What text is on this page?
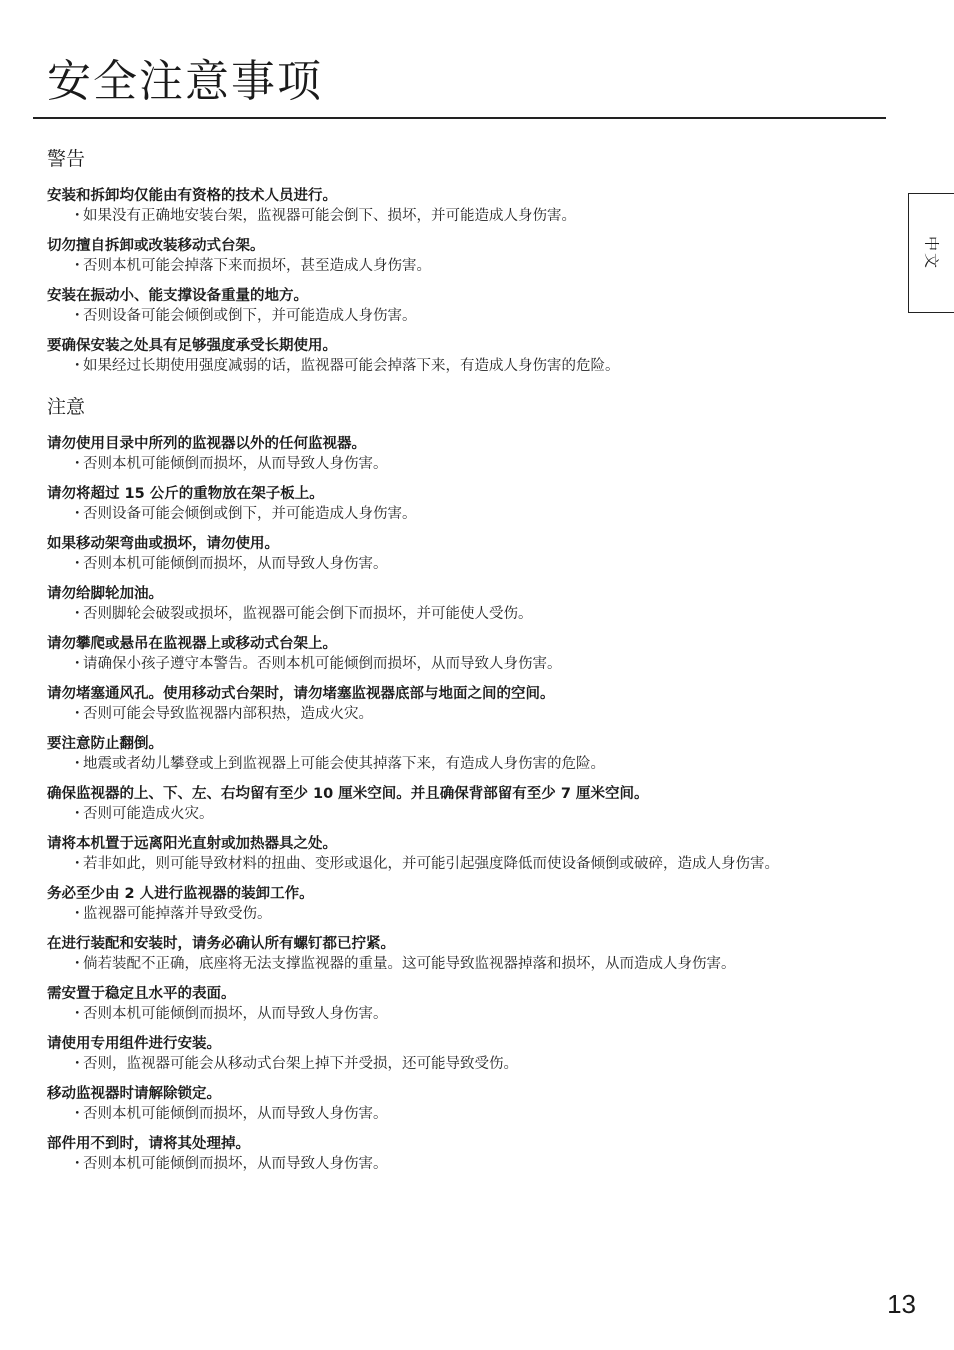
安全注意事项
中文
警告

安装和拆卸均仅能由有资格的技术人员进行。

・ 如果没有正确地安装台架，监视器可能会倒下、损坏，并可能造成人身伤害。

切勿擅自拆卸或改装移动式台架。

・ 否则本机可能会掉落下来而损坏，甚至造成人身伤害。

安装在振动小、能支撑设备重量的地方。

・ 否则设备可能会倾倒或倒下，并可能造成人身伤害。

要确保安装之处具有足够强度承受长期使用。

・ 如果经过长期使用强度减弱的话，监视器可能会掉落下来，有造成人身伤害的危险。

注意

请勿使用目录中所列的监视器以外的任何监视器。

・ 否则本机可能倾倒而损坏，从而导致人身伤害。

请勿将超过 15 公斤的重物放在架子板上。

・ 否则设备可能会倾倒或倒下，并可能造成人身伤害。

如果移动架弯曲或损坏，请勿使用。

・ 否则本机可能倾倒而损坏，从而导致人身伤害。

请勿给脚轮加油。

・ 否则脚轮会破裂或损坏，监视器可能会倒下而损坏，并可能使人受伤。

请勿攀爬或悬吊在监视器上或移动式台架上。

・ 请确保小孩子遵守本警告。否则本机可能倾倒而损坏，从而导致人身伤害。

请勿堵塞通风孔。使用移动式台架时，请勿堵塞监视器底部与地面之间的空间。

・ 否则可能会导致监视器内部积热，造成火灾。

要注意防止翻倒。

・ 地震或者幼儿攀登或上到监视器上可能会使其掉落下来，有造成人身伤害的危险。

确保监视器的上、下、左、右均留有至少 10 厘米空间。并且确保背部留有至少 7 厘米空间。

・ 否则可能造成火灾。

请将本机置于远离阳光直射或加热器具之处。

・ 若非如此，则可能导致材料的扭曲、变形或退化，并可能引起强度降低而使设备倾倒或破碎，造成人身伤害。

务必至少由 2 人进行监视器的装卸工作。

・ 监视器可能掉落并导致受伤。

在进行装配和安装时，请务必确认所有螺钉都已拧紧。

・ 倘若装配不正确，底座将无法支撑监视器的重量。这可能导致监视器掉落和损坏，从而造成人身伤害。

需安置于稳定且水平的表面。

・ 否则本机可能倾倒而损坏，从而导致人身伤害。

请使用专用组件进行安装。

・ 否则，监视器可能会从移动式台架上掉下并受损，还可能导致受伤。

移动监视器时请解除锁定。

・ 否则本机可能倾倒而损坏，从而导致人身伤害。

部件用不到时，请将其处理掉。

・ 否则本机可能倾倒而损坏，从而导致人身伤害。

13
